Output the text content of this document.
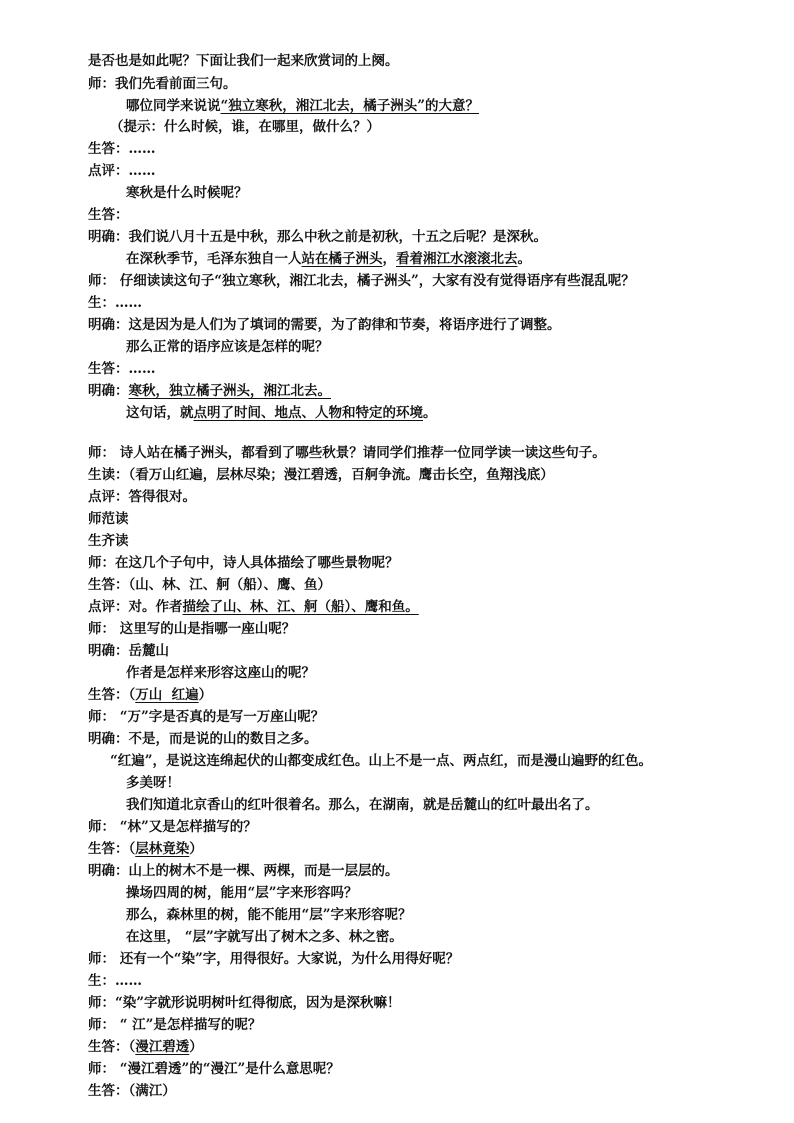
是否也是如此呢？下面让我们一起来欣赏词的上阕。
师：我们先看前面三句。
哪位同学来说说“独立寒秋，湘江北去，橘子洲头”的大意？
（提示：什么时候，谁，在哪里，做什么？）
生答：……
点评：……
寒秋是什么时候呢？
生答：
明确：我们说八月十五是中秋，那么中秋之前是初秋，十五之后呢？是深秋。
在深秋季节，毛泽东独自一人站在橘子洲头，看着湘江水滚滚北去。
师： 仔细读读这句子“独立寒秋，湘江北去，橘子洲头”，大家有没有觉得语序有些混乱呢？
生：……
明确：这是因为是人们为了填词的需要，为了韵律和节奏，将语序进行了调整。
那么正常的语序应该是怎样的呢？
生答：……
明确：寒秋，独立橘子洲头，湘江北去。
这句话，就点明了时间、地点、人物和特定的环境。
师： 诗人站在橘子洲头，都看到了哪些秋景？请同学们推荐一位同学读一读这些句子。
生读：（看万山红遍，层林尽染；漫江碧透，百舸争流。鹰击长空，鱼翔浅底）
点评：答得很对。
师范读
生齐读
师：在这几个子句中，诗人具体描绘了哪些景物呢？
生答：（山、林、江、舸（船）、鹰、鱼）
点评：对。作者描绘了山、林、江、舸（船）、鹰和鱼。
师： 这里写的山是指哪一座山呢？
明确：岳麓山
作者是怎样来形容这座山的呢？
生答：（万山  红遍）
师： “万”字是否真的是写一万座山呢？
明确：不是，而是说的山的数目之多。
“红遍”，是说这连绵起伏的山都变成红色。山上不是一点、两点红，而是漫山遍野的红色。
多美呀！
我们知道北京香山的红叶很着名。那么，在湖南，就是岳麓山的红叶最出名了。
师： “林”又是怎样描写的？
生答：（层林竟染）
明确：山上的树木不是一棵、两棵，而是一层层的。
操场四周的树，能用“层”字来形容吗？
那么，森林里的树，能不能用“层”字来形容呢？
在这里， “层”字就写出了树木之多、林之密。
师： 还有一个“染”字，用得很好。大家说，为什么用得好呢？
生：……
师：“染”字就形说明树叶红得彻底，因为是深秋嘛！
师： “ 江”是怎样描写的呢？
生答：（漫江碧透）
师： “漫江碧透”的“漫江”是什么意思呢？
生答：（满江）
